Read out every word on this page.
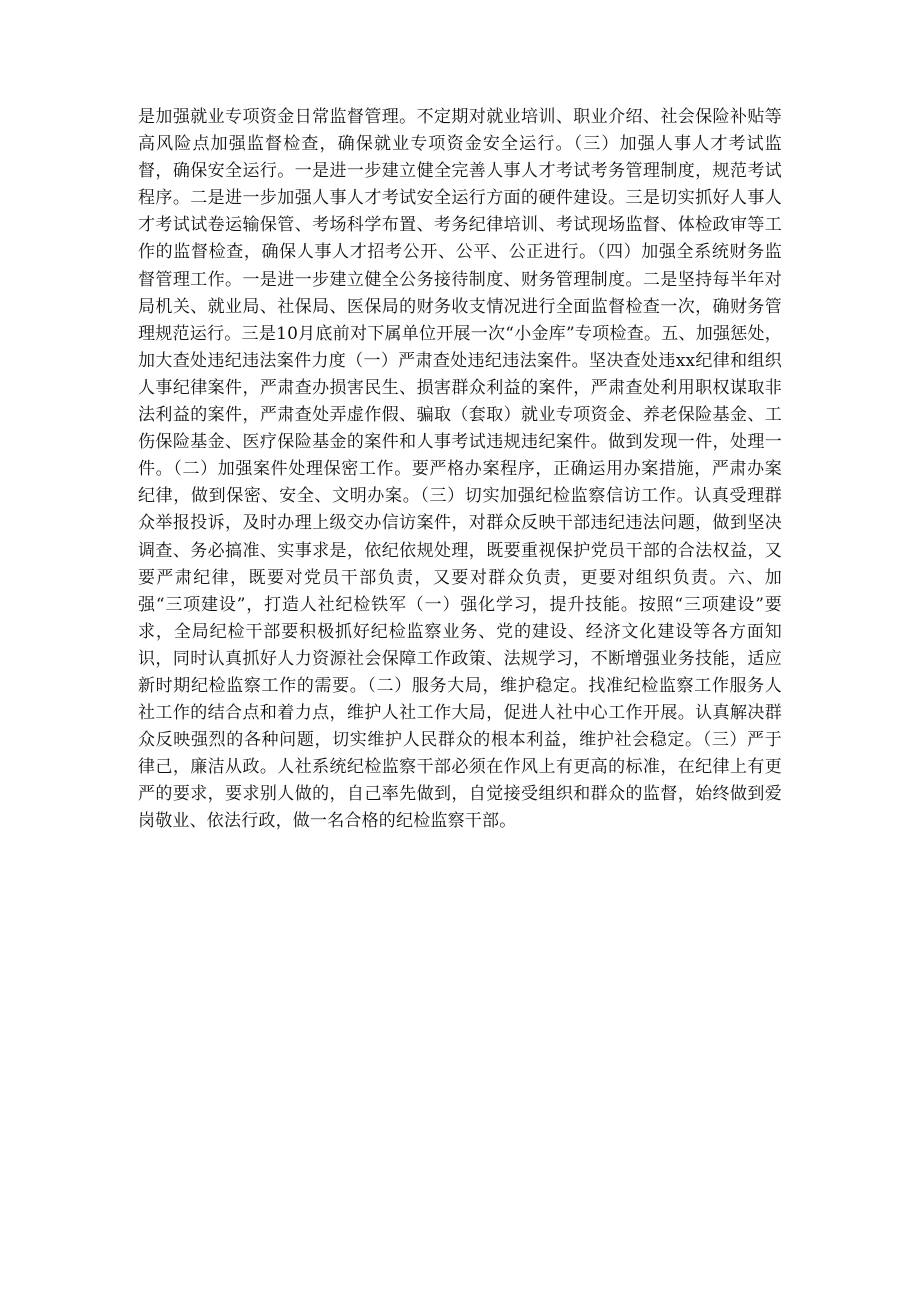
是加强就业专项资金日常监督管理。不定期对就业培训、职业介绍、社会保险补贴等高风险点加强监督检查，确保就业专项资金安全运行。（三）加强人事人才考试监督，确保安全运行。一是进一步建立健全完善人事人才考试考务管理制度，规范考试程序。二是进一步加强人事人才考试安全运行方面的硬件建设。三是切实抓好人事人才考试试卷运输保管、考场科学布置、考务纪律培训、考试现场监督、体检政审等工作的监督检查，确保人事人才招考公开、公平、公正进行。（四）加强全系统财务监督管理工作。一是进一步建立健全公务接待制度、财务管理制度。二是坚持每半年对局机关、就业局、社保局、医保局的财务收支情况进行全面监督检查一次，确财务管理规范运行。三是10月底前对下属单位开展一次“小金库”专项检查。五、加强惩处，加大查处违纪违法案件力度（一）严肃查处违纪违法案件。坚决查处违xx纪律和组织人事纪律案件，严肃查办损害民生、损害群众利益的案件，严肃查处利用职权谋取非法利益的案件，严肃查处弄虚作假、骗取（套取）就业专项资金、养老保险基金、工伤保险基金、医疗保险基金的案件和人事考试违规违纪案件。做到发现一件，处理一件。（二）加强案件处理保密工作。要严格办案程序，正确运用办案措施，严肃办案纪律，做到保密、安全、文明办案。（三）切实加强纪检监察信访工作。认真受理群众举报投诉，及时办理上级交办信访案件，对群众反映干部违纪违法问题，做到坚决调查、务必搞准、实事求是，依纪依规处理，既要重视保护党员干部的合法权益，又要严肃纪律，既要对党员干部负责，又要对群众负责，更要对组织负责。六、加强“三项建设”，打造人社纪检铁军（一）强化学习，提升技能。按照“三项建设”要求，全局纪检干部要积极抓好纪检监察业务、党的建设、经济文化建设等各方面知识，同时认真抓好人力资源社会保障工作政策、法规学习，不断增强业务技能，适应新时期纪检监察工作的需要。（二）服务大局，维护稳定。找准纪检监察工作服务人社工作的结合点和着力点，维护人社工作大局，促进人社中心工作开展。认真解决群众反映强烈的各种问题，切实维护人民群众的根本利益，维护社会稳定。（三）严于律己，廉洁从政。人社系统纪检监察干部必须在作风上有更高的标准，在纪律上有更严的要求，要求别人做的，自己率先做到，自觉接受组织和群众的监督，始终做到爱岗敬业、依法行政，做一名合格的纪检监察干部。
